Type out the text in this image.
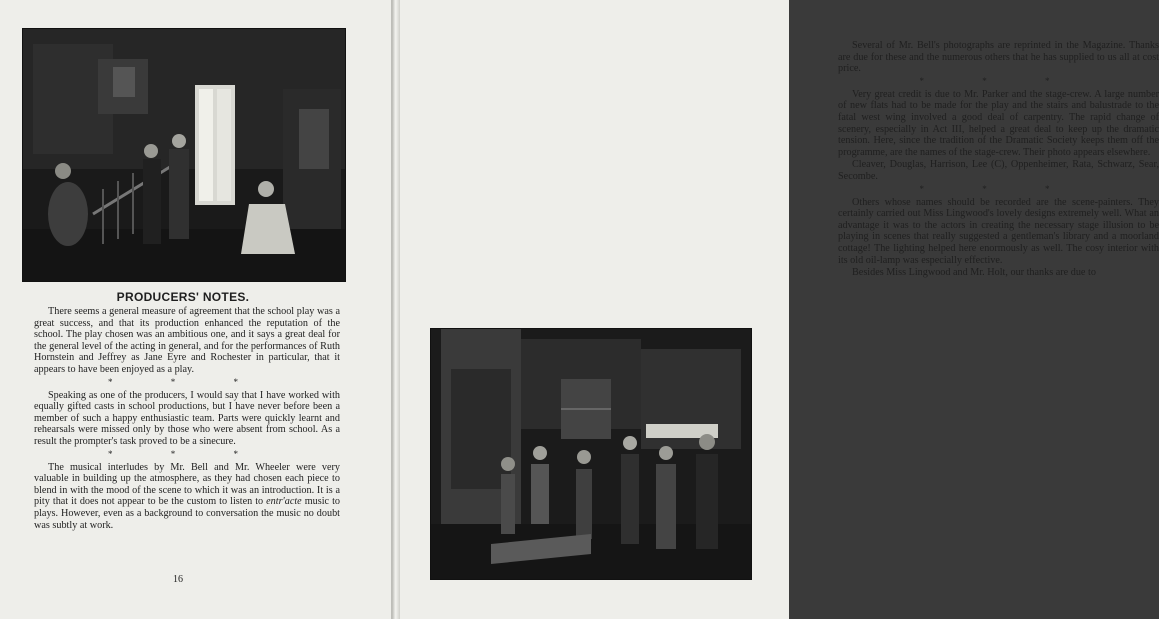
PRODUCERS' NOTES.

There seems a general measure of agreement that the school play was a great success, and that its production enhanced the reputation of the school. The play chosen was an ambitious one, and it says a great deal for the general level of the acting in general, and for the performances of Ruth Hornstein and Jeffrey as Jane Eyre and Rochester in particular, that it appears to have been enjoyed as a play.

* * *

Speaking as one of the producers, I would say that I have worked with equally gifted casts in school productions, but I have never before been a member of such a happy enthusiastic team. Parts were quickly learnt and rehearsals were missed only by those who were absent from school. As a result the prompter's task proved to be a sinecure.

* * *

The musical interludes by Mr. Bell and Mr. Wheeler were very valuable in building up the atmosphere, as they had chosen each piece to blend in with the mood of the scene to which it was an introduction. It is a pity that it does not appear to be the custom to listen to entr'acte music to plays. However, even as a background to conversation the music no doubt was subtly at work.

16

Several of Mr. Bell's photographs are reprinted in the Magazine. Thanks are due for these and the numerous others that he has supplied to us all at cost price.

* * *

Very great credit is due to Mr. Parker and the stage-crew. A large number of new flats had to be made for the play and the stairs and balustrade to the fatal west wing involved a good deal of carpentry. The rapid change of scenery, especially in Act III, helped a great deal to keep up the dramatic tension. Here, since the tradition of the Dramatic Society keeps them off the programme, are the names of the stage-crew. Their photo appears elsewhere.

Cleaver, Douglas, Harrison, Lee (C), Oppenheimer, Rata, Schwarz, Sear, Secombe.

* * *

Others whose names should be recorded are the scene-painters. They certainly carried out Miss Lingwood's lovely designs extremely well. What an advantage it was to the actors in creating the necessary stage illusion to be playing in scenes that really suggested a gentleman's library and a moorland cottage! The lighting helped here enormously as well. The cosy interior with its old oil-lamp was especially effective.

Besides Miss Lingwood and Mr. Holt, our thanks are due to
